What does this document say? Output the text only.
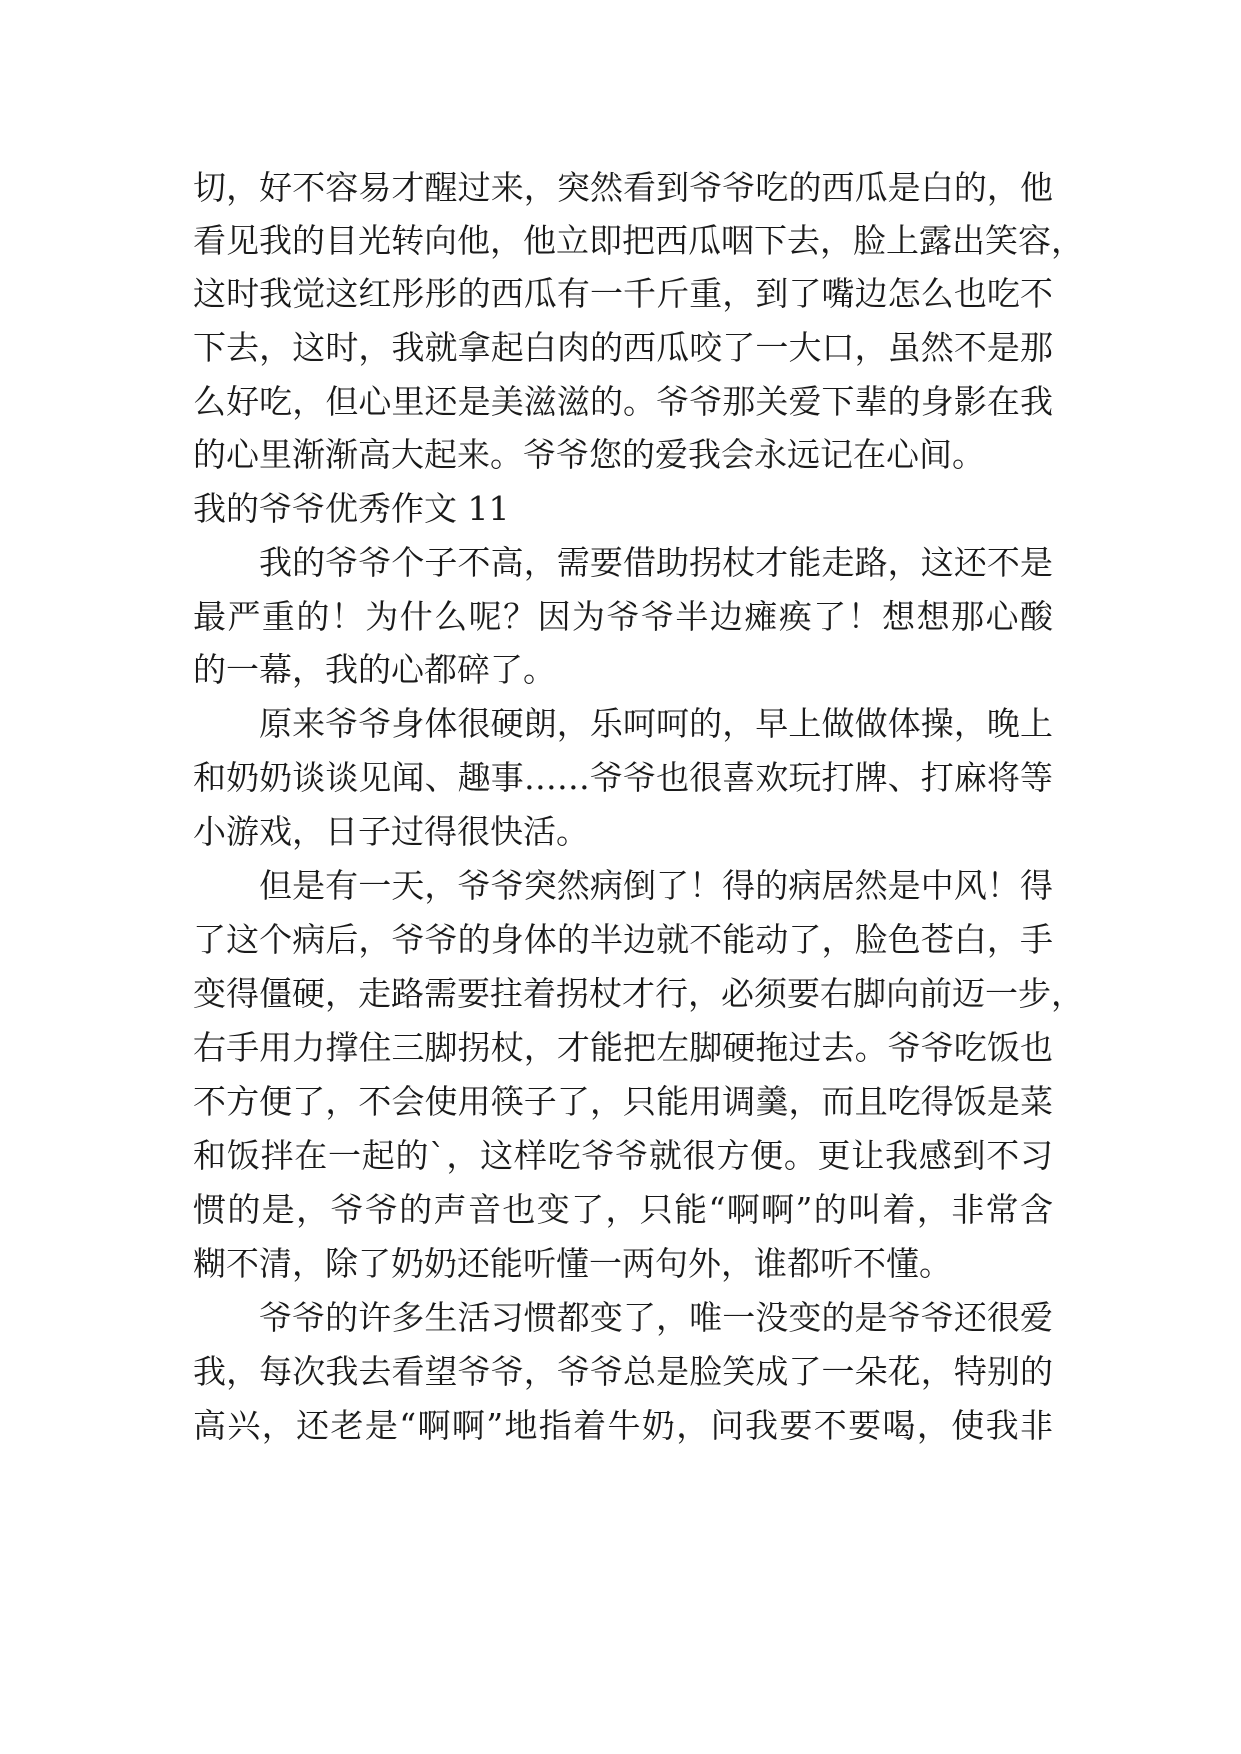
切，好不容易才醒过来，突然看到爷爷吃的西瓜是白的，他
看见我的目光转向他，他立即把西瓜咽下去，脸上露出笑容，
这时我觉这红彤彤的西瓜有一千斤重，到了嘴边怎么也吃不
下去，这时，我就拿起白肉的西瓜咬了一大口，虽然不是那
么好吃，但心里还是美滋滋的。爷爷那关爱下辈的身影在我
的心里渐渐高大起来。爷爷您的爱我会永远记在心间。
我的爷爷优秀作文 11
我的爷爷个子不高，需要借助拐杖才能走路，这还不是
最严重的！为什么呢？因为爷爷半边瘫痪了！想想那心酸
的一幕，我的心都碎了。
原来爷爷身体很硬朗，乐呵呵的，早上做做体操，晚上
和奶奶谈谈见闻、趣事……爷爷也很喜欢玩打牌、打麻将等
小游戏，日子过得很快活。
但是有一天，爷爷突然病倒了！得的病居然是中风！得
了这个病后，爷爷的身体的半边就不能动了，脸色苍白，手
变得僵硬，走路需要拄着拐杖才行，必须要右脚向前迈一步，
右手用力撑住三脚拐杖，才能把左脚硬拖过去。爷爷吃饭也
不方便了，不会使用筷子了，只能用调羹，而且吃得饭是菜
和饭拌在一起的`，这样吃爷爷就很方便。更让我感到不习
惯的是，爷爷的声音也变了，只能“啊啊”的叫着，非常含
糊不清，除了奶奶还能听懂一两句外，谁都听不懂。
爷爷的许多生活习惯都变了，唯一没变的是爷爷还很爱
我，每次我去看望爷爷，爷爷总是脸笑成了一朵花，特别的
高兴，还老是“啊啊”地指着牛奶，问我要不要喝，使我非
